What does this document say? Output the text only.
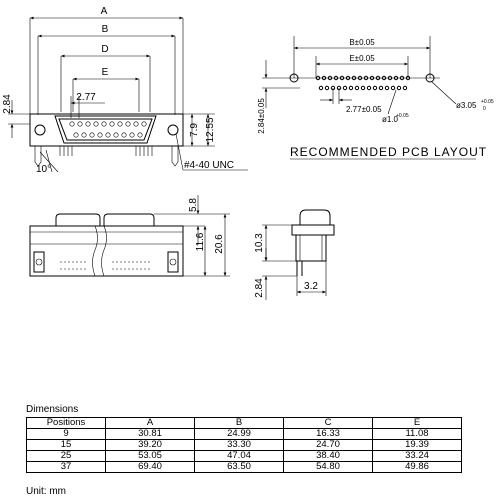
A
B
D
E
2.77
2.84
7.9 12.55
10°	#4-40 UNC
B±0.05
E±0.05
2.84±0.05	2.77±0.05
ø1.0
+0.05
ø3.05 +0.05
0
RECOMMENDED PCB LAYOUT
5.8
11.6 20.6	10.3
2.84	3.2
Dimensions
Positions	A	B	C	E
9	30.81	24.99	16.33	11.08
15	39.20	33.30	24.70	19.39
25	53.05	47.04	38.40	33.24
37	69.40	63.50	54.80	49.86
Unit: mm
